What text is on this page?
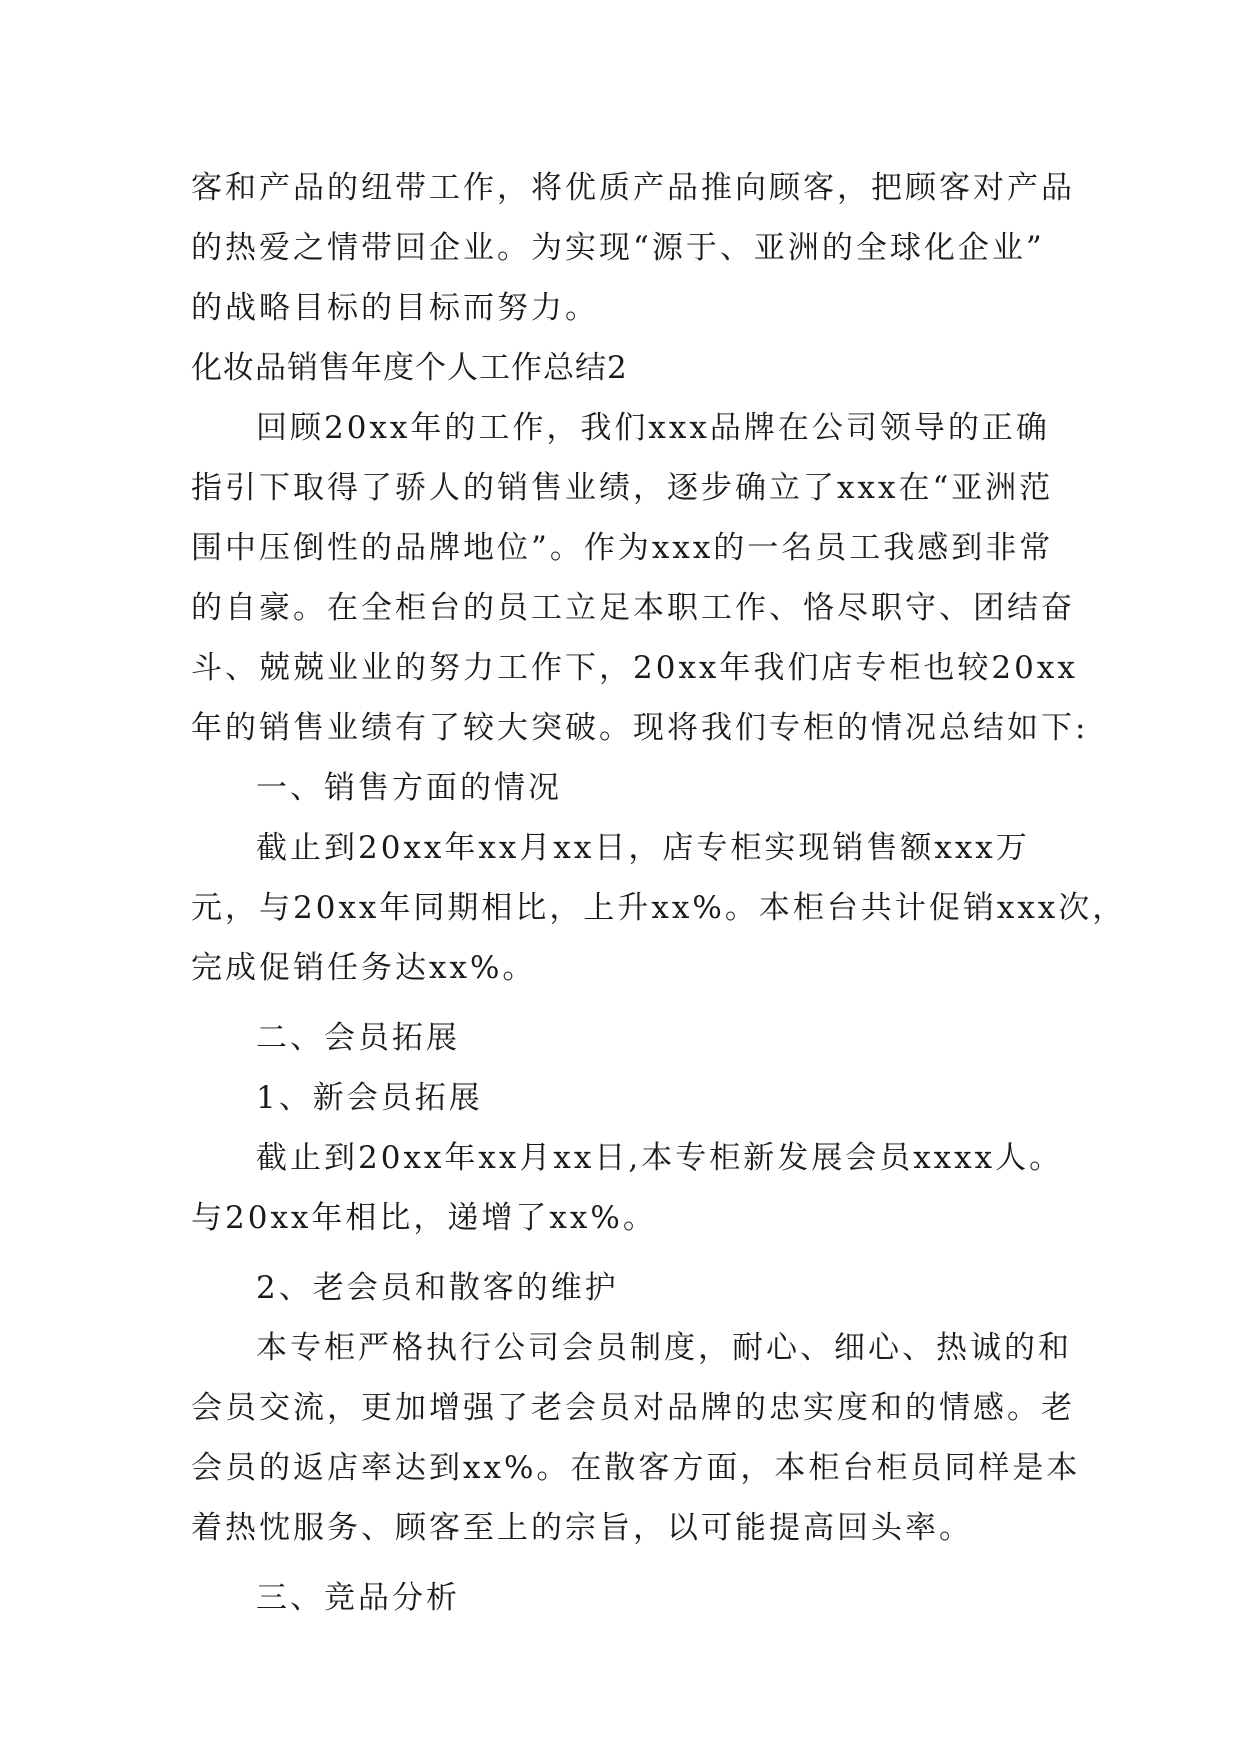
客和产品的纽带工作，将优质产品推向顾客，把顾客对产品
的热爱之情带回企业。为实现“源于、亚洲的全球化企业”
的战略目标的目标而努力。
化妆品销售年度个人工作总结2
回顾20xx年的工作，我们xxx品牌在公司领导的正确
指引下取得了骄人的销售业绩，逐步确立了xxx在“亚洲范
围中压倒性的品牌地位”。作为xxx的一名员工我感到非常
的自豪。在全柜台的员工立足本职工作、恪尽职守、团结奋
斗、兢兢业业的努力工作下，20xx年我们店专柜也较20xx
年的销售业绩有了较大突破。现将我们专柜的情况总结如下:
一、销售方面的情况
截止到20xx年xx月xx日，店专柜实现销售额xxx万
元，与20xx年同期相比，上升xx%。本柜台共计促销xxx次，
完成促销任务达xx%。
二、会员拓展
1、新会员拓展
截止到20xx年xx月xx日,本专柜新发展会员xxxx人。
与20xx年相比，递增了xx%。
2、老会员和散客的维护
本专柜严格执行公司会员制度，耐心、细心、热诚的和
会员交流，更加增强了老会员对品牌的忠实度和的情感。老
会员的返店率达到xx%。在散客方面，本柜台柜员同样是本
着热忱服务、顾客至上的宗旨，以可能提高回头率。
三、竞品分析
